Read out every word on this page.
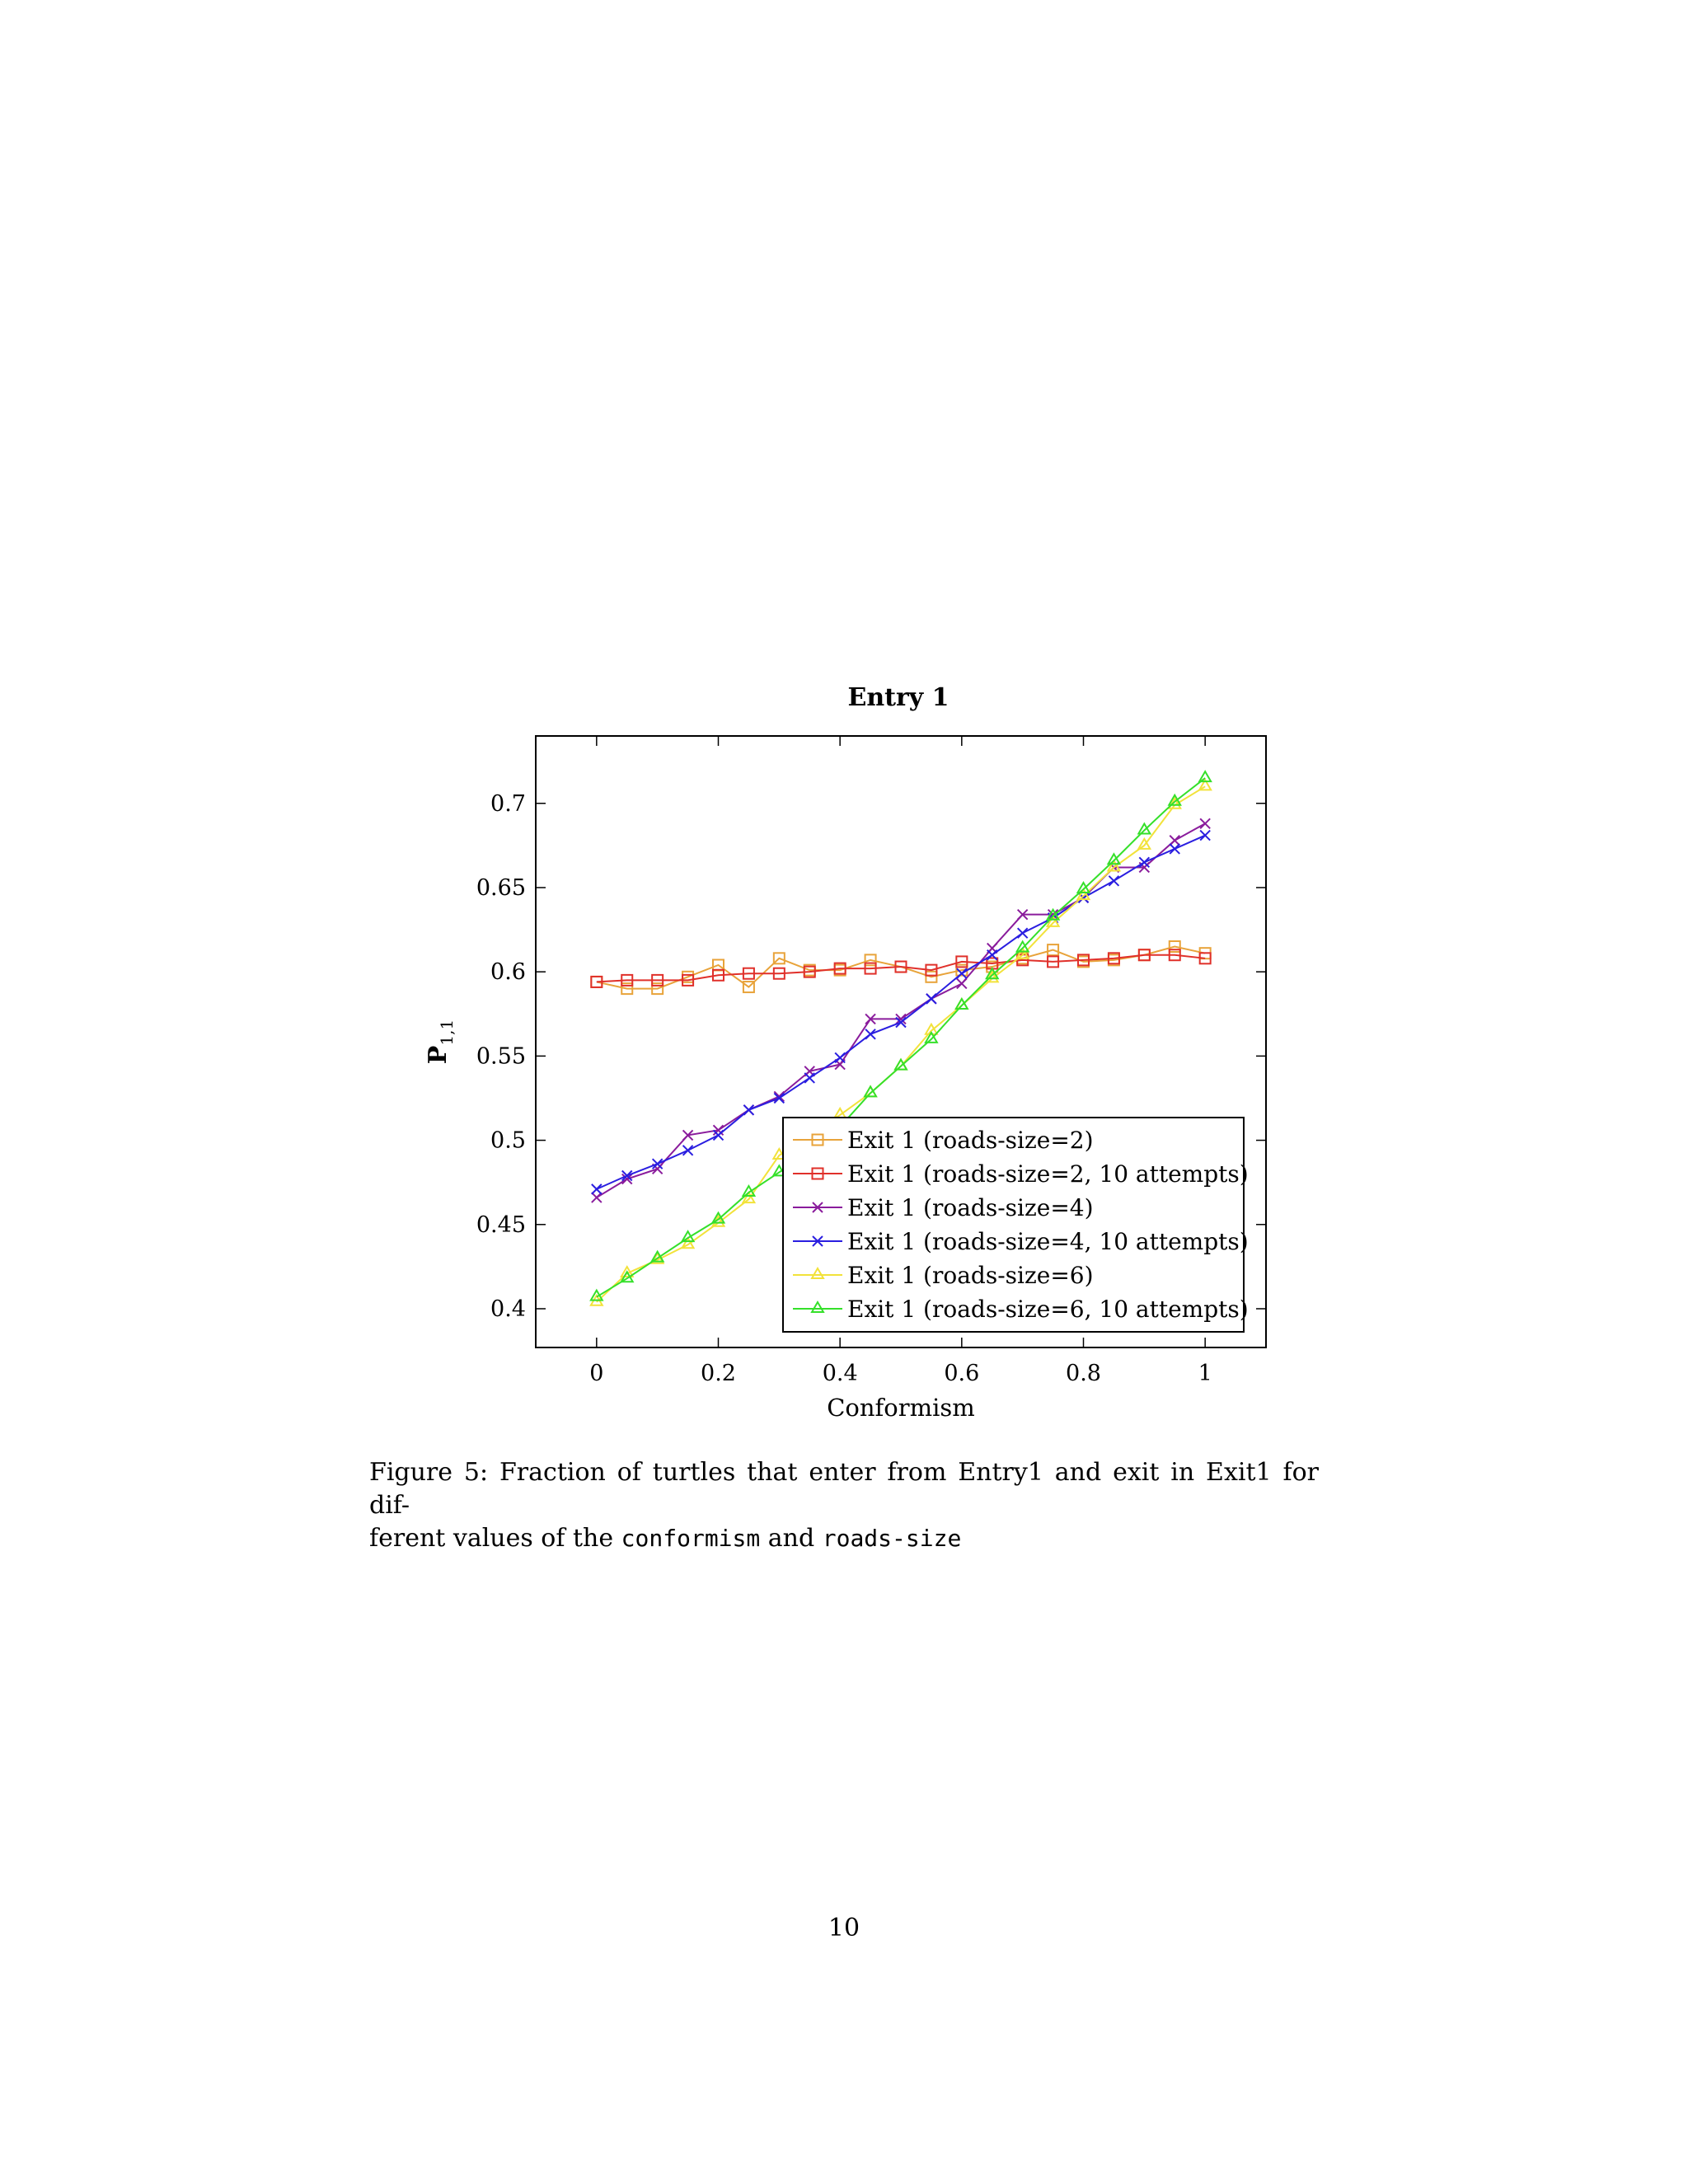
Entry 1
0	0.2	0.4	0.6	0.8	1
0.4
0.45
0.5
0.55
0.6
0.65
0.7
Exit 1 (roads-size=2)
Exit 1 (roads-size=2, 10 attempts)
Exit 1 (roads-size=4)
Exit 1 (roads-size=4, 10 attempts)
Exit 1 (roads-size=6)
Exit 1 (roads-size=6, 10 attempts)
Conformism
$P_{1,1}$
Figure 5: Fraction of turtles that enter from Entry1 and exit in Exit1 for dif-
ferent values of the conformism and roads-size
10
